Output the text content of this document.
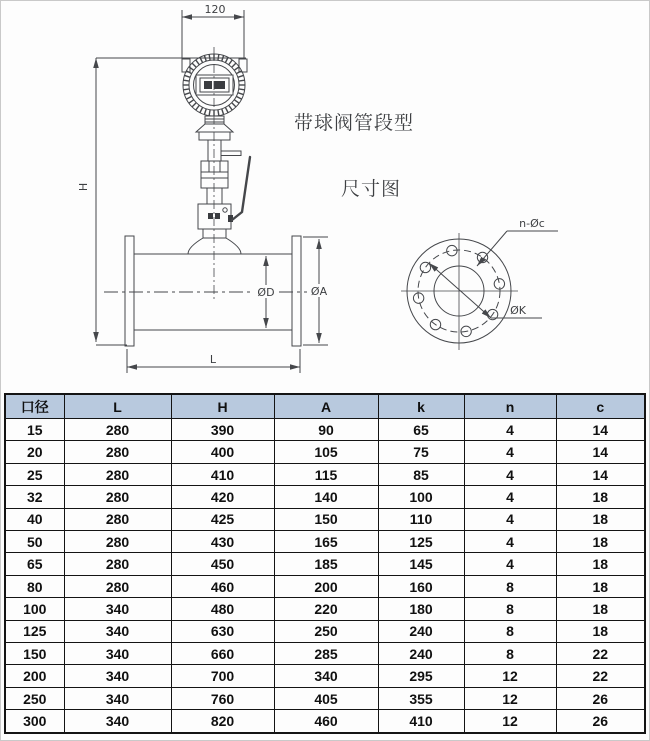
120
H
ØD	ØA
L
n-Øc
ØK

带球阀管段型

尺寸图

口径	L	H	A	k	n	c
15	280	390	90	65	4	14
20	280	400	105	75	4	14
25	280	410	115	85	4	14
32	280	420	140	100	4	18
40	280	425	150	110	4	18
50	280	430	165	125	4	18
65	280	450	185	145	4	18
80	280	460	200	160	8	18
100	340	480	220	180	8	18
125	340	630	250	240	8	18
150	340	660	285	240	8	22
200	340	700	340	295	12	22
250	340	760	405	355	12	26
300	340	820	460	410	12	26
